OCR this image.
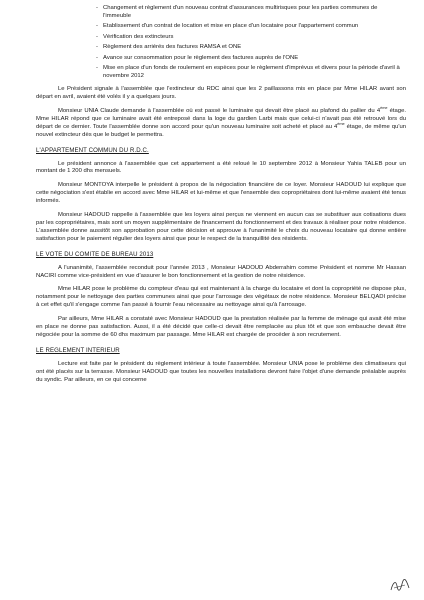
- Changement et règlement d'un nouveau contrat d'assurances multirisques pour les parties communes de l'immeuble
- Etablissement d'un contrat de location et mise en place d'un locataire pour l'appartement commun
- Vérification des extincteurs
- Règlement des arriérés des factures RAMSA et ONE
- Avance sur consommation pour le règlement des factures auprès de l'ONE
- Mise en place d'un fonds de roulement en espèces pour le règlement d'imprévus et divers pour la période d'avril à novembre 2012

Le Président signale à l'assemblée que l'extincteur du RDC ainsi que les 2 paillassons mis en place par Mme HILAR avant son départ en avril, avaient été volés il y a quelques jours.

Monsieur UNIA Claude demande à l'assemblée où est passé le luminaire qui devait être placé au plafond du pallier du 4ème étage. Mme HILAR répond que ce luminaire avait été entreposé dans la loge du gardien Larbi mais que celui-ci n'avait pas été retrouvé lors du départ de ce dernier. Toute l'assemblée donne son accord pour qu'un nouveau luminaire soit acheté et placé au 4ème étage, de même qu'un nouvel extincteur dès que le budget le permettra.

L'APPARTEMENT COMMUN DU R.D.C.

Le président annonce à l'assemblée que cet appartement a été reloué le 10 septembre 2012 à Monsieur Yahia TALEB pour un montant de 1 200 dhs mensuels.

Monsieur MONTOYA interpelle le président à propos de la négociation financière de ce loyer. Monsieur HADOUD lui explique que cette négociation s'est établie en accord avec Mme HILAR et lui-même et que l'ensemble des copropriétaires dont lui-même avaient été tenus informés.

Monsieur HADOUD rappelle à l'assemblée que les loyers ainsi perçus ne viennent en aucun cas se substituer aux cotisations dues par les copropriétaires, mais sont un moyen supplémentaire de financement du fonctionnement et des travaux à réaliser pour notre résidence. L'assemblée donne aussitôt son approbation pour cette décision et approuve à l'unanimité le choix du nouveau locataire qui donne entière satisfaction pour le paiement régulier des loyers ainsi que pour le respect de la tranquillité des résidents.

LE VOTE DU COMITE DE BUREAU 2013

A l'unanimité, l'assemblée reconduit pour l'année 2013 , Monsieur HADOUD Abderrahim comme Président et nomme Mr Hassan NACIRI comme vice-président en vue d'assurer le bon fonctionnement et la gestion de notre résidence.

Mme HILAR pose le problème du compteur d'eau qui est maintenant à la charge du locataire et dont la copropriété ne dispose plus, notamment pour le nettoyage des parties communes ainsi que pour l'arrosage des végétaux de notre résidence. Monsieur BELQADI précise à cet effet qu'il s'engage comme l'an passé à fournir l'eau nécessaire au nettoyage ainsi qu'à l'arrosage.

Par ailleurs, Mme HILAR a constaté avec Monsieur HADOUD que la prestation réalisée par la femme de ménage qui avait été mise en place ne donne pas satisfaction. Aussi, il a été décidé que celle-ci devait être remplacée au plus tôt et que son embauche devait être négociée pour la somme de 60 dhs maximum par passage. Mme HILAR est chargée de procéder à son recrutement.

LE REGLEMENT INTERIEUR

Lecture est faite par le président du règlement intérieur à toute l'assemblée. Monsieur UNIA pose le problème des climatiseurs qui ont été placés sur la terrasse. Monsieur HADOUD que toutes les nouvelles installations devront faire l'objet d'une demande préalable auprès du syndic. Par ailleurs, en ce qui concerne
